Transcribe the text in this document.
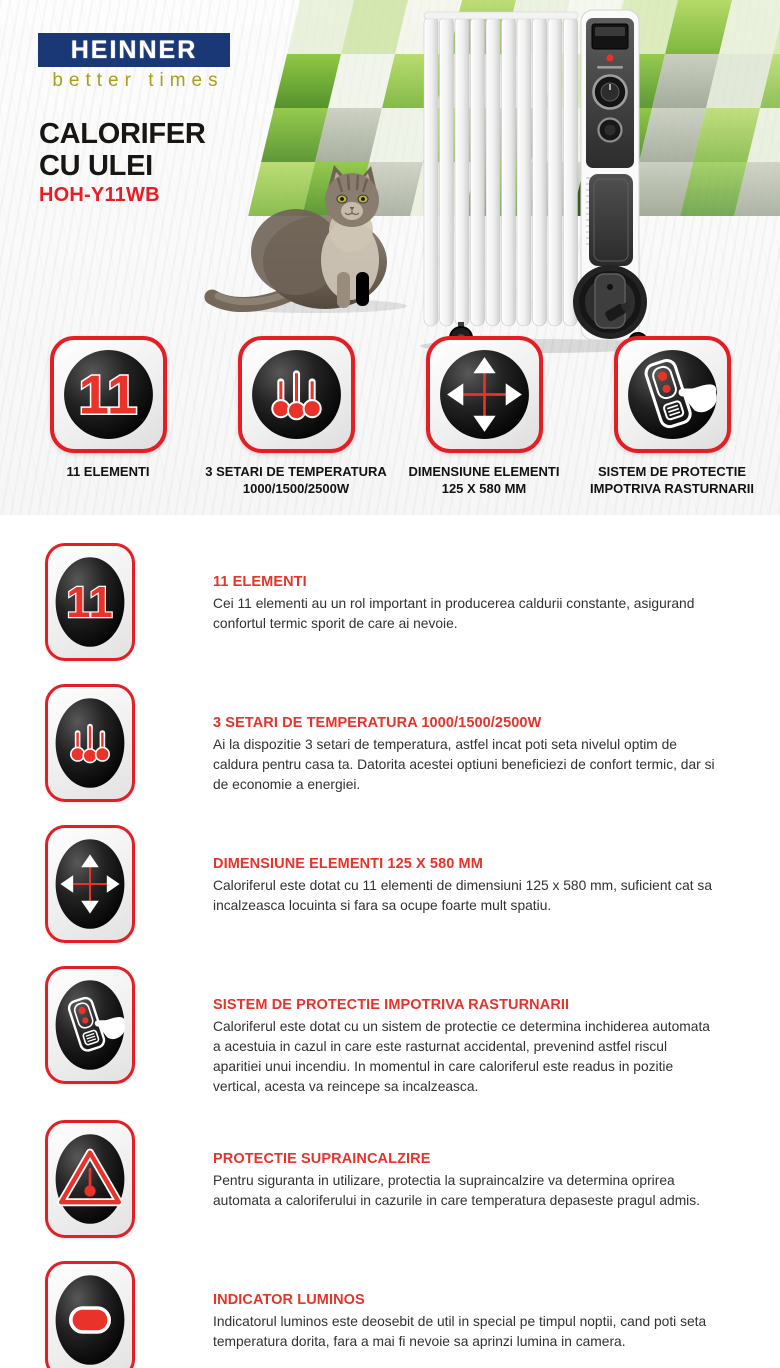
HEINNER
better times
CALORIFER
CU ULEI
HOH-Y11WB
11 ELEMENTI	3 SETARI DE TEMPERATURA
1000/1500/2500W
DIMENSIUNE ELEMENTI
125 X 580 MM
SISTEM DE PROTECTIE
IMPOTRIVA RASTURNARII
11 ELEMENTI
Cei 11 elementi au un rol important in producerea caldurii constante, asigurand confortul termic sporit de care ai nevoie.
3 SETARI DE TEMPERATURA 1000/1500/2500W
Ai la dispozitie 3 setari de temperatura, astfel incat poti seta nivelul optim de caldura pentru casa ta. Datorita acestei optiuni beneficiezi de confort termic, dar si de economie a energiei.
DIMENSIUNE ELEMENTI 125 X 580 MM
Caloriferul este dotat cu 11 elementi de dimensiuni 125 x 580 mm, suficient cat sa incalzeasca locuinta si fara sa ocupe foarte mult spatiu.
SISTEM DE PROTECTIE IMPOTRIVA RASTURNARII
Caloriferul este dotat cu un sistem de protectie ce determina inchiderea automata a acestuia in cazul in care este rasturnat accidental, prevenind astfel riscul aparitiei unui incendiu. In momentul in care caloriferul este readus in pozitie vertical, acesta va reincepe sa incalzeasca.
PROTECTIE SUPRAINCALZIRE
Pentru siguranta in utilizare, protectia la supraincalzire va determina oprirea automata a caloriferului in cazurile in care temperatura depaseste pragul admis.
INDICATOR LUMINOS
Indicatorul luminos este deosebit de util in special pe timpul noptii, cand poti seta temperatura dorita, fara a mai fi nevoie sa aprinzi lumina in camera.
